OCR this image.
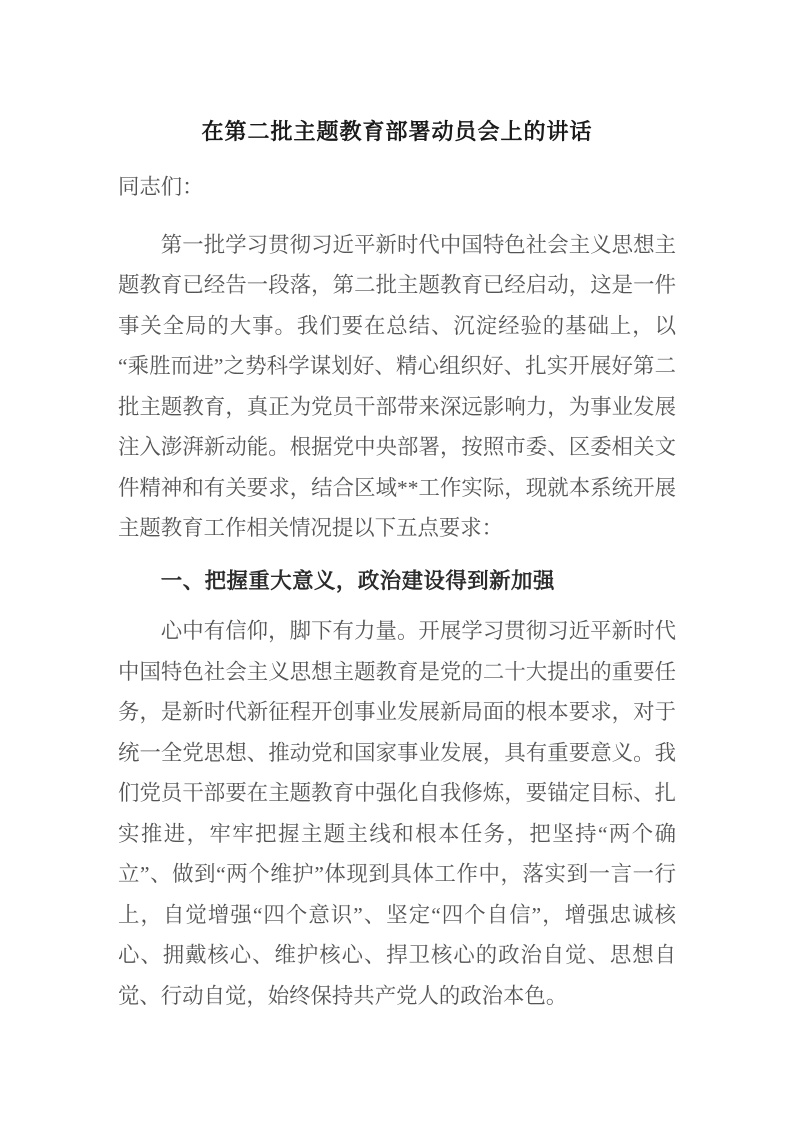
在第二批主题教育部署动员会上的讲话

同志们：

第一批学习贯彻习近平新时代中国特色社会主义思想主题教育已经告一段落，第二批主题教育已经启动，这是一件事关全局的大事。我们要在总结、沉淀经验的基础上，以“乘胜而进”之势科学谋划好、精心组织好、扎实开展好第二批主题教育，真正为党员干部带来深远影响力，为事业发展注入澎湃新动能。根据党中央部署，按照市委、区委相关文件精神和有关要求，结合区域**工作实际，现就本系统开展主题教育工作相关情况提以下五点要求：

一、把握重大意义，政治建设得到新加强

心中有信仰，脚下有力量。开展学习贯彻习近平新时代中国特色社会主义思想主题教育是党的二十大提出的重要任务，是新时代新征程开创事业发展新局面的根本要求，对于统一全党思想、推动党和国家事业发展，具有重要意义。我们党员干部要在主题教育中强化自我修炼，要锚定目标、扎实推进，牢牢把握主题主线和根本任务，把坚持“两个确立”、做到“两个维护”体现到具体工作中，落实到一言一行上，自觉增强“四个意识”、坚定“四个自信”，增强忠诚核心、拥戴核心、维护核心、捍卫核心的政治自觉、思想自觉、行动自觉，始终保持共产党人的政治本色。
